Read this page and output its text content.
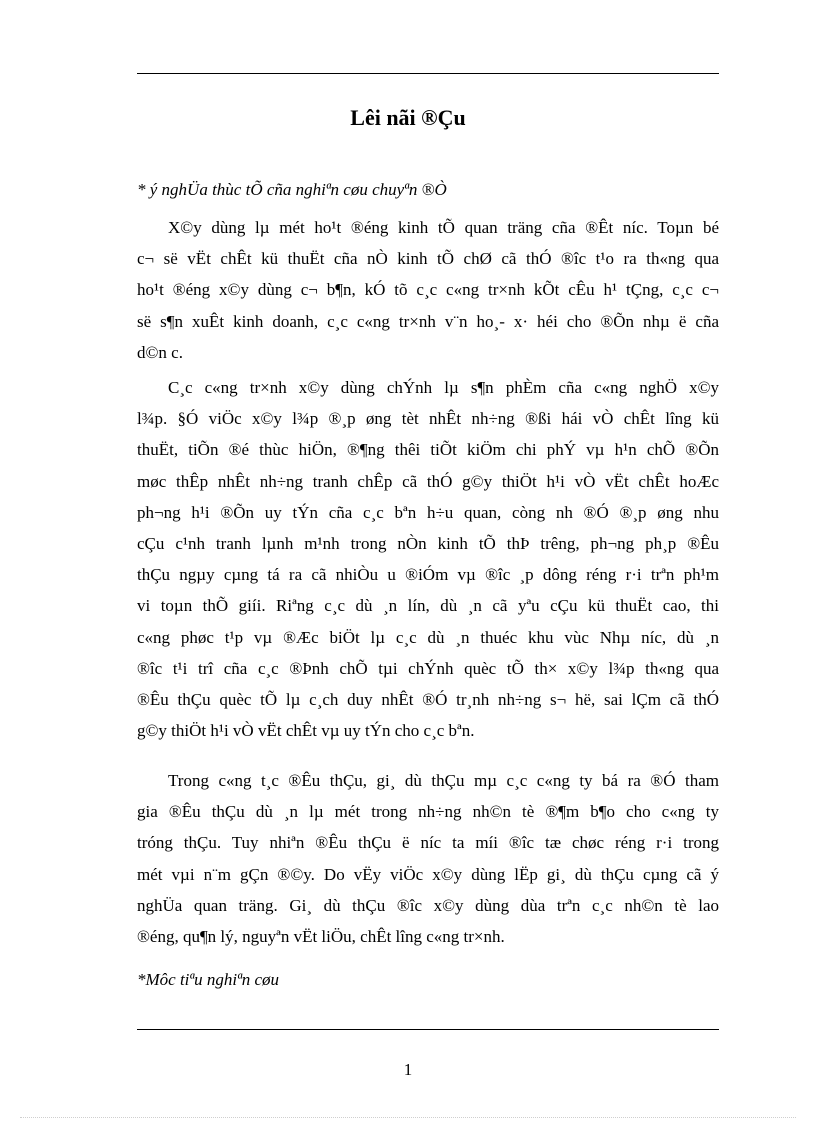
Lêi nãi ®Çu
* ý nghÜa thùc tÕ cña nghiªn cøu chuyªn ®Ò
X©y dùng lµ mét ho¹t ®éng kinh tÕ quan träng cña ®Êt níc. Toµn bé
c¬ së vËt chÊt kü thuËt cña nÒ kinh tÕ chØ cã thÓ ®îc t¹o ra th«ng qua
ho¹t ®éng x©y dùng c¬ b¶n, kÓ tõ c¸c c«ng tr×nh kÕt cÊu h¹ tÇng, c¸c c¬
së s¶n xuÊt kinh doanh, c¸c c«ng tr×nh v¨n ho¸- x· héi cho ®Õn nhµ ë cña
d©n c.
C¸c c«ng tr×nh x©y dùng chÝnh lµ s¶n phÈm cña c«ng nghÖ x©y
l¾p. §Ó viÖc x©y l¾p ®¸p øng tèt nhÊt nh÷ng ®ßi hái vÒ chÊt lîng kü
thuËt, tiÕn ®é thùc hiÖn, ®¶ng thêi tiÕt kiÖm chi phÝ vµ h¹n chÕ ®Õn
møc thÊp nhÊt nh÷ng tranh chÊp cã thÓ g©y thiÖt h¹i vÒ vËt chÊt hoÆc
ph¬ng h¹i ®Õn uy tÝn cña c¸c bªn h÷u quan, còng nh ®Ó ®¸p øng nhu
cÇu c¹nh tranh lµnh m¹nh trong nÒn kinh tÕ thÞ trêng, ph¬ng ph¸p ®Êu
thÇu ngµy cµng tá ra cã nhiÒu u ®iÓm vµ ®îc ¸p dông réng r·i trªn ph¹m
vi toµn thÕ giíi. Riªng c¸c dù ¸n lín, dù ¸n cã yªu cÇu kü thuËt cao, thi
c«ng phøc t¹p vµ ®Æc biÖt lµ c¸c dù ¸n thuéc khu vùc Nhµ níc, dù ¸n
®îc t¹i trî cña c¸c ®Þnh chÕ tµi chÝnh quèc tÕ th× x©y l¾p th«ng qua
®Êu thÇu quèc tÕ lµ c¸ch duy nhÊt ®Ó tr¸nh nh÷ng s¬ hë, sai lÇm cã thÓ
g©y thiÖt h¹i vÒ vËt chÊt vµ uy tÝn cho c¸c bªn.
Trong c«ng t¸c ®Êu thÇu, gi¸ dù thÇu mµ c¸c c«ng ty bá ra ®Ó tham
gia ®Êu thÇu dù ¸n lµ mét trong nh÷ng nh©n tè ®¶m b¶o cho c«ng ty
tróng thÇu. Tuy nhiªn ®Êu thÇu ë níc ta míi ®îc tæ chøc réng r·i trong
mét vµi n¨m gÇn ®©y. Do vËy viÖc x©y dùng lËp gi¸ dù thÇu cµng cã ý
nghÜa quan träng. Gi¸ dù thÇu ®îc x©y dùng dùa trªn c¸c nh©n tè lao
®éng, qu¶n lý, nguyªn vËt liÖu, chÊt lîng c«ng tr×nh.
*Môc tiªu nghiªn cøu
1
